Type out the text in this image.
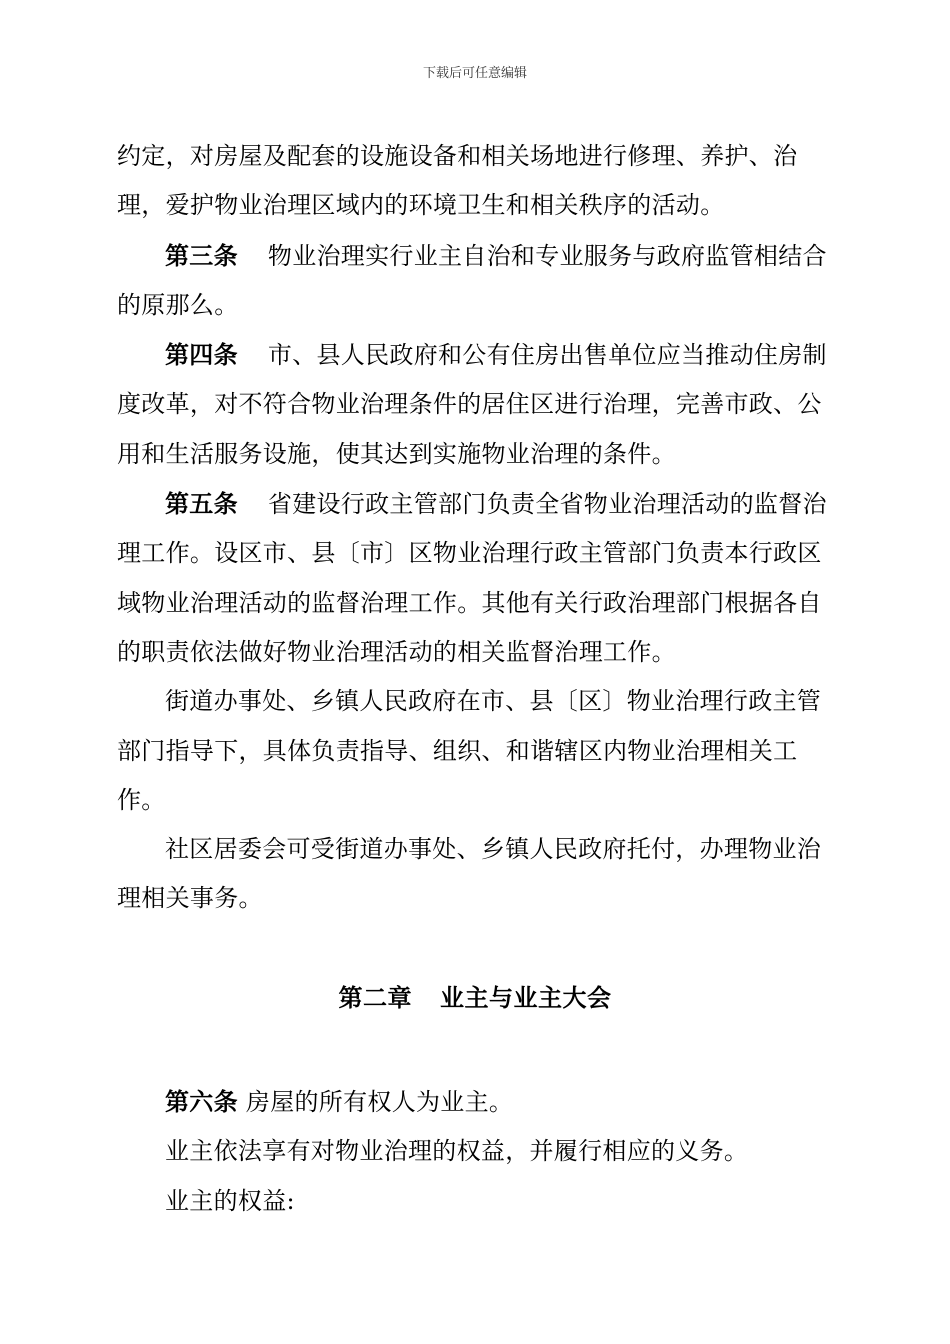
下载后可任意编辑

约定，对房屋及配套的设施设备和相关场地进行修理、养护、治理，爱护物业治理区域内的环境卫生和相关秩序的活动。

第三条 物业治理实行业主自治和专业服务与政府监管相结合的原那么。

第四条 市、县人民政府和公有住房出售单位应当推动住房制度改革，对不符合物业治理条件的居住区进行治理，完善市政、公用和生活服务设施，使其达到实施物业治理的条件。

第五条 省建设行政主管部门负责全省物业治理活动的监督治理工作。设区市、县〔市〕区物业治理行政主管部门负责本行政区域物业治理活动的监督治理工作。其他有关行政治理部门根据各自的职责依法做好物业治理活动的相关监督治理工作。

街道办事处、乡镇人民政府在市、县〔区〕物业治理行政主管部门指导下，具体负责指导、组织、和谐辖区内物业治理相关工作。

社区居委会可受街道办事处、乡镇人民政府托付，办理物业治理相关事务。

第二章 业主与业主大会

第六条 房屋的所有权人为业主。

业主依法享有对物业治理的权益，并履行相应的义务。

业主的权益:
